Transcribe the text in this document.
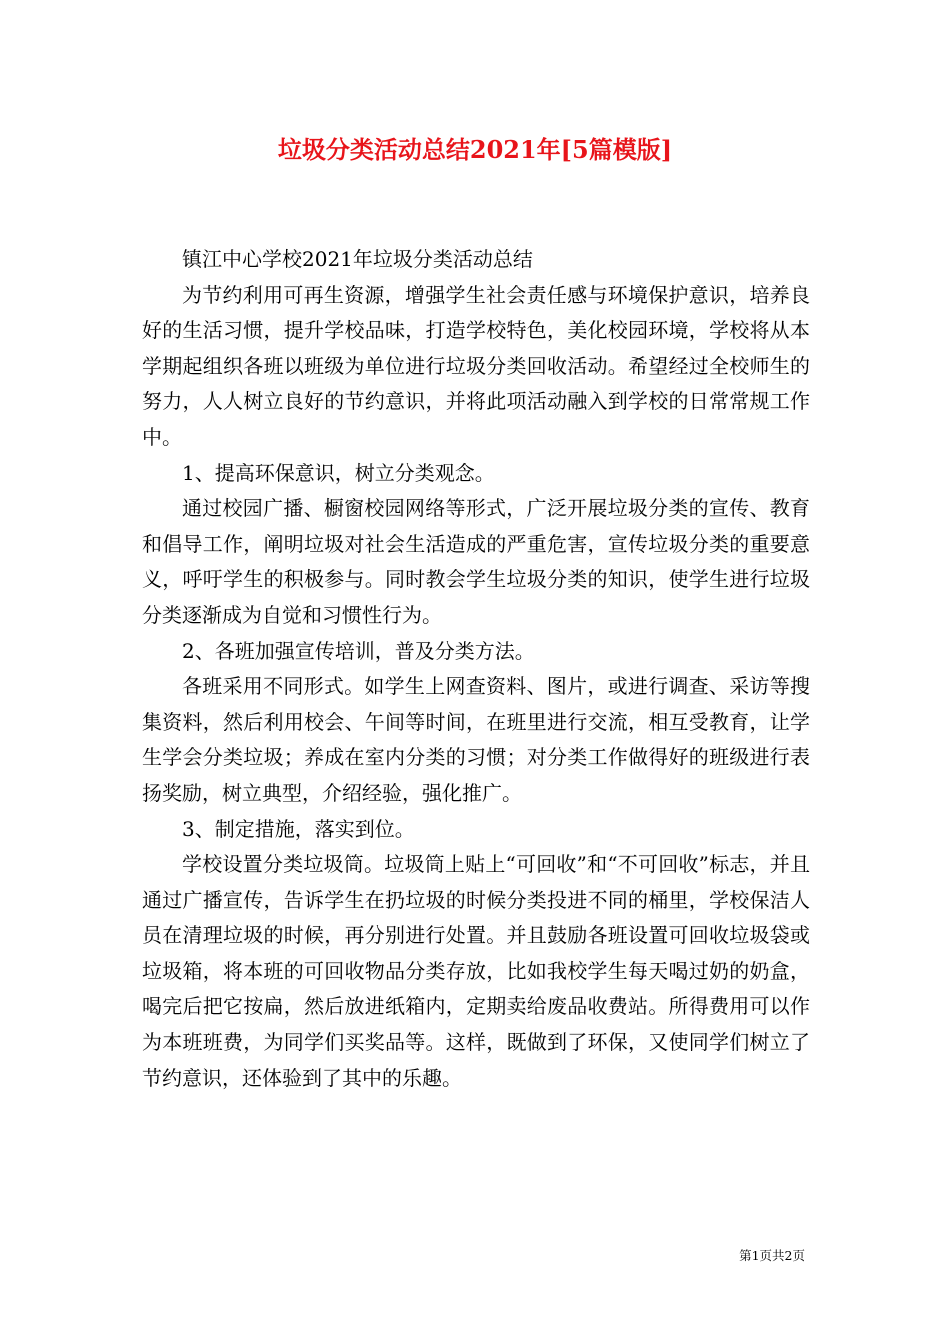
垃圾分类活动总结2021年[5篇模版]

镇江中心学校2021年垃圾分类活动总结

为节约利用可再生资源，增强学生社会责任感与环境保护意识，培养良好的生活习惯，提升学校品味，打造学校特色，美化校园环境，学校将从本学期起组织各班以班级为单位进行垃圾分类回收活动。希望经过全校师生的努力，人人树立良好的节约意识，并将此项活动融入到学校的日常常规工作中。

1、提高环保意识，树立分类观念。

通过校园广播、橱窗校园网络等形式，广泛开展垃圾分类的宣传、教育和倡导工作，阐明垃圾对社会生活造成的严重危害，宣传垃圾分类的重要意义，呼吁学生的积极参与。同时教会学生垃圾分类的知识，使学生进行垃圾分类逐渐成为自觉和习惯性行为。

2、各班加强宣传培训，普及分类方法。

各班采用不同形式。如学生上网查资料、图片，或进行调查、采访等搜集资料，然后利用校会、午间等时间，在班里进行交流，相互受教育，让学生学会分类垃圾；养成在室内分类的习惯；对分类工作做得好的班级进行表扬奖励，树立典型，介绍经验，强化推广。

3、制定措施，落实到位。

学校设置分类垃圾筒。垃圾筒上贴上“可回收”和“不可回收”标志，并且通过广播宣传，告诉学生在扔垃圾的时候分类投进不同的桶里，学校保洁人员在清理垃圾的时候，再分别进行处置。并且鼓励各班设置可回收垃圾袋或垃圾箱，将本班的可回收物品分类存放，比如我校学生每天喝过奶的奶盒，喝完后把它按扁，然后放进纸箱内，定期卖给废品收费站。所得费用可以作为本班班费，为同学们买奖品等。这样，既做到了环保，又使同学们树立了节约意识，还体验到了其中的乐趣。

第1页共2页
